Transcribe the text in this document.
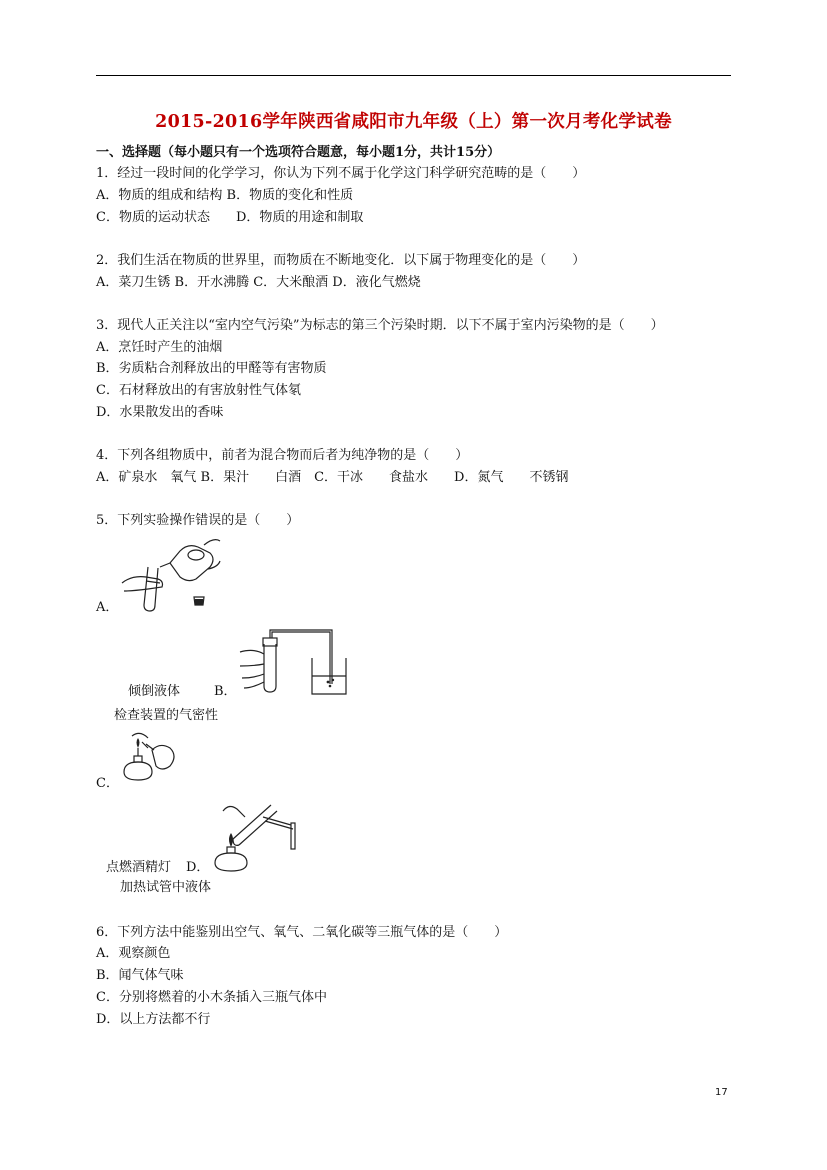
2015-2016学年陕西省咸阳市九年级（上）第一次月考化学试卷
一、选择题（每小题只有一个选项符合题意，每小题1分，共计15分）
1．经过一段时间的化学学习，你认为下列不属于化学这门科学研究范畴的是（　　）
A．物质的组成和结构 B．物质的变化和性质
C．物质的运动状态　　D．物质的用途和制取
2．我们生活在物质的世界里，而物质在不断地变化．以下属于物理变化的是（　　）
A．菜刀生锈 B．开水沸腾 C．大米酿酒 D．液化气燃烧
3．现代人正关注以“室内空气污染”为标志的第三个污染时期．以下不属于室内污染物的是（　　）
A．烹饪时产生的油烟
B．劣质粘合剂释放出的甲醛等有害物质
C．石材释放出的有害放射性气体氡
D．水果散发出的香味
4．下列各组物质中，前者为混合物而后者为纯净物的是（　　）
A．矿泉水　氧气 B．果汁　　白酒　C．干冰　　食盐水　　D．氮气　　不锈钢
5．下列实验操作错误的是（　　）
A．
倾倒液体	B．
检查装置的气密性
C．
点燃酒精灯 D．
加热试管中液体
6．下列方法中能鉴别出空气、氧气、二氧化碳等三瓶气体的是（　　）
A．观察颜色
B．闻气体气味
C．分别将燃着的小木条插入三瓶气体中
D．以上方法都不行
17
